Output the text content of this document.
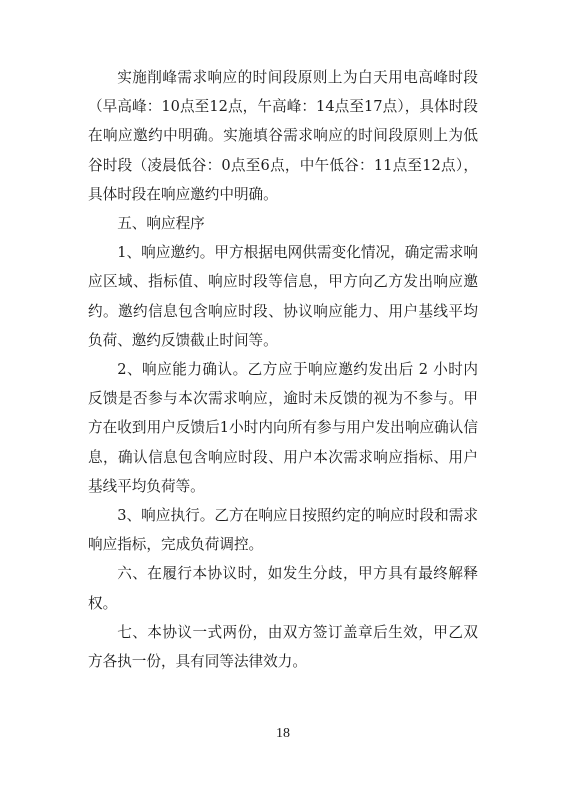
实施削峰需求响应的时间段原则上为白天用电高峰时段（早高峰：10点至12点，午高峰：14点至17点），具体时段在响应邀约中明确。实施填谷需求响应的时间段原则上为低谷时段（凌晨低谷：0点至6点，中午低谷：11点至12点），具体时段在响应邀约中明确。

五、响应程序

1、响应邀约。甲方根据电网供需变化情况，确定需求响应区域、指标值、响应时段等信息，甲方向乙方发出响应邀约。邀约信息包含响应时段、协议响应能力、用户基线平均负荷、邀约反馈截止时间等。

2、响应能力确认。乙方应于响应邀约发出后 2 小时内反馈是否参与本次需求响应，逾时未反馈的视为不参与。甲方在收到用户反馈后1小时内向所有参与用户发出响应确认信息，确认信息包含响应时段、用户本次需求响应指标、用户基线平均负荷等。

3、响应执行。乙方在响应日按照约定的响应时段和需求响应指标，完成负荷调控。

六、在履行本协议时，如发生分歧，甲方具有最终解释权。

七、本协议一式两份，由双方签订盖章后生效，甲乙双方各执一份，具有同等法律效力。

18
